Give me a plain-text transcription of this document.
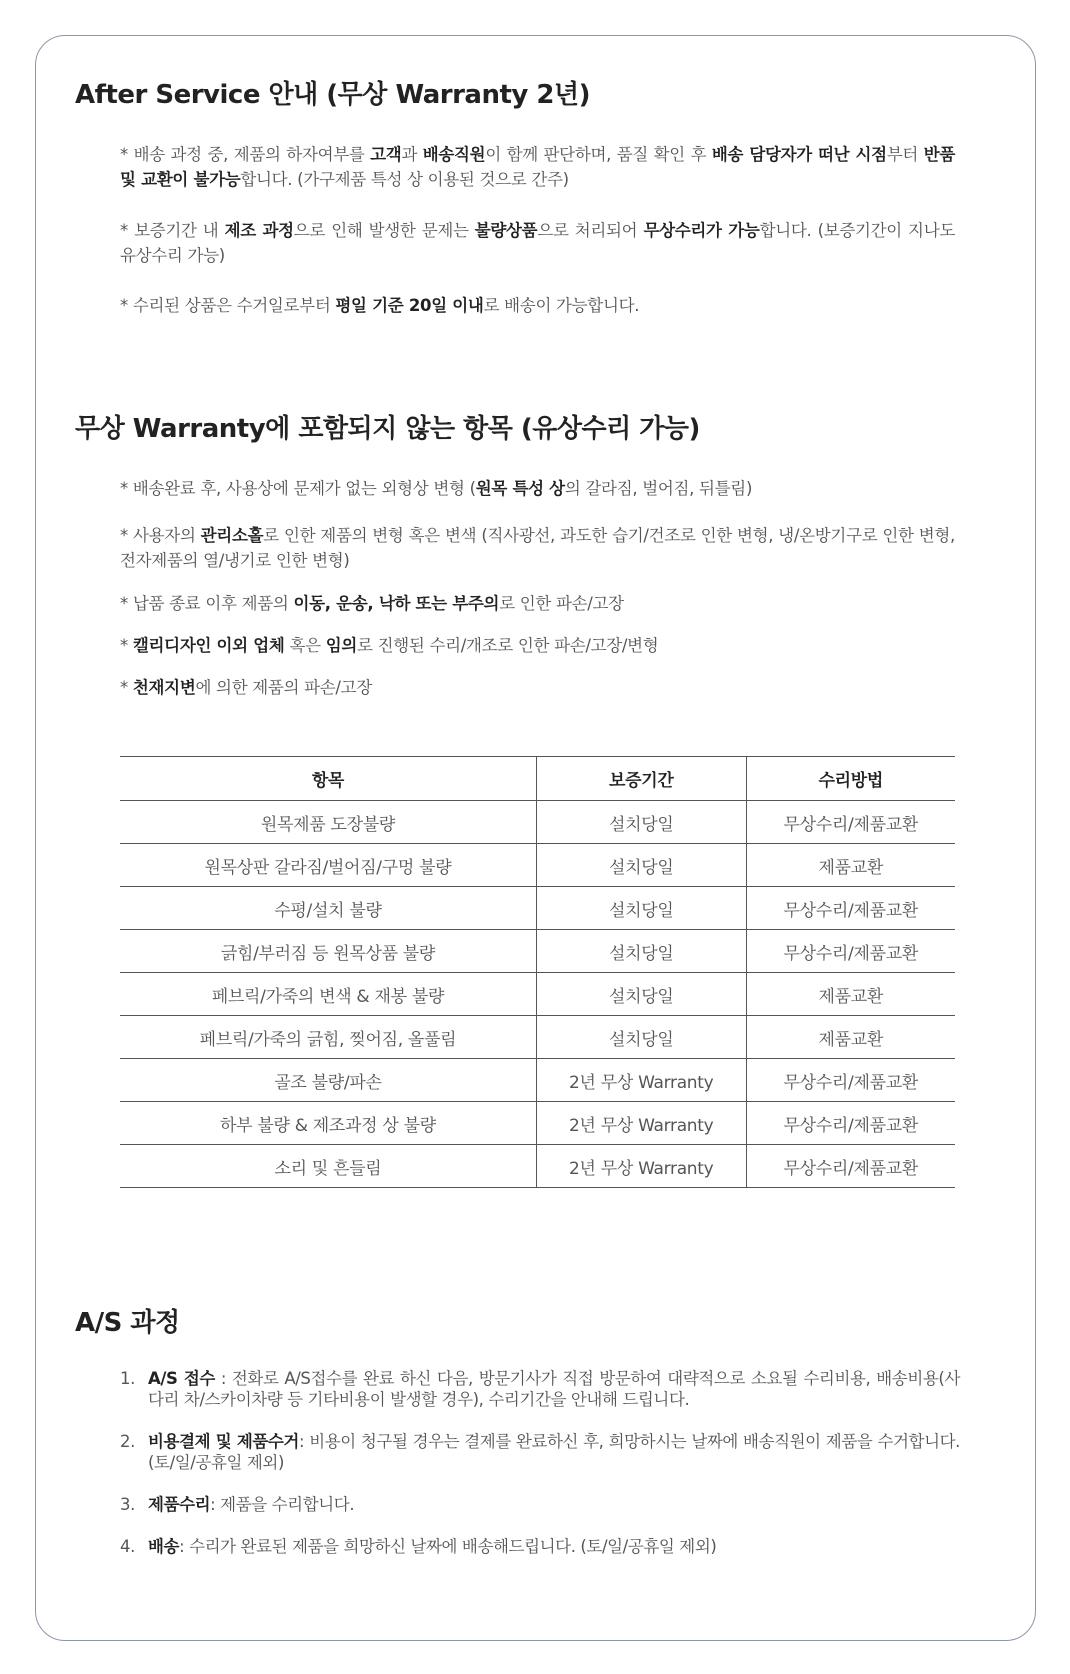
After Service 안내 (무상 Warranty 2년)
* 배송 과정 중, 제품의 하자여부를 고객과 배송직원이 함께 판단하며, 품질 확인 후 배송 담당자가 떠난 시점부터 반품 및 교환이 불가능합니다. (가구제품 특성 상 이용된 것으로 간주)
* 보증기간 내 제조 과정으로 인해 발생한 문제는 불량상품으로 처리되어 무상수리가 가능합니다. (보증기간이 지나도 유상수리 가능)
* 수리된 상품은 수거일로부터 평일 기준 20일 이내로 배송이 가능합니다.
무상 Warranty에 포함되지 않는 항목 (유상수리 가능)
* 배송완료 후, 사용상에 문제가 없는 외형상 변형 (원목 특성 상의 갈라짐, 벌어짐, 뒤틀림)
* 사용자의 관리소홀로 인한 제품의 변형 혹은 변색 (직사광선, 과도한 습기/건조로 인한 변형, 냉/온방기구로 인한 변형, 전자제품의 열/냉기로 인한 변형)
* 납품 종료 이후 제품의 이동, 운송, 낙하 또는 부주의로 인한 파손/고장
* 캘리디자인 이외 업체 혹은 임의로 진행된 수리/개조로 인한 파손/고장/변형
* 천재지변에 의한 제품의 파손/고장
항목	보증기간	수리방법
원목제품 도장불량	설치당일	무상수리/제품교환
원목상판 갈라짐/벌어짐/구멍 불량	설치당일	제품교환
수평/설치 불량	설치당일	무상수리/제품교환
긁힘/부러짐 등 원목상품 불량	설치당일	무상수리/제품교환
페브릭/가죽의 변색 & 재봉 불량	설치당일	제품교환
페브릭/가죽의 긁힘, 찢어짐, 올풀림	설치당일	제품교환
골조 불량/파손	2년 무상 Warranty	무상수리/제품교환
하부 불량 & 제조과정 상 불량	2년 무상 Warranty	무상수리/제품교환
소리 및 흔들림	2년 무상 Warranty	무상수리/제품교환
A/S 과정
1. A/S 접수 : 전화로 A/S접수를 완료 하신 다음, 방문기사가 직접 방문하여 대략적으로 소요될 수리비용, 배송비용(사다리 차/스카이차량 등 기타비용이 발생할 경우), 수리기간을 안내해 드립니다.
2. 비용결제 및 제품수거: 비용이 청구될 경우는 결제를 완료하신 후, 희망하시는 날짜에 배송직원이 제품을 수거합니다. (토/일/공휴일 제외)
3. 제품수리: 제품을 수리합니다.
4. 배송: 수리가 완료된 제품을 희망하신 날짜에 배송해드립니다. (토/일/공휴일 제외)
